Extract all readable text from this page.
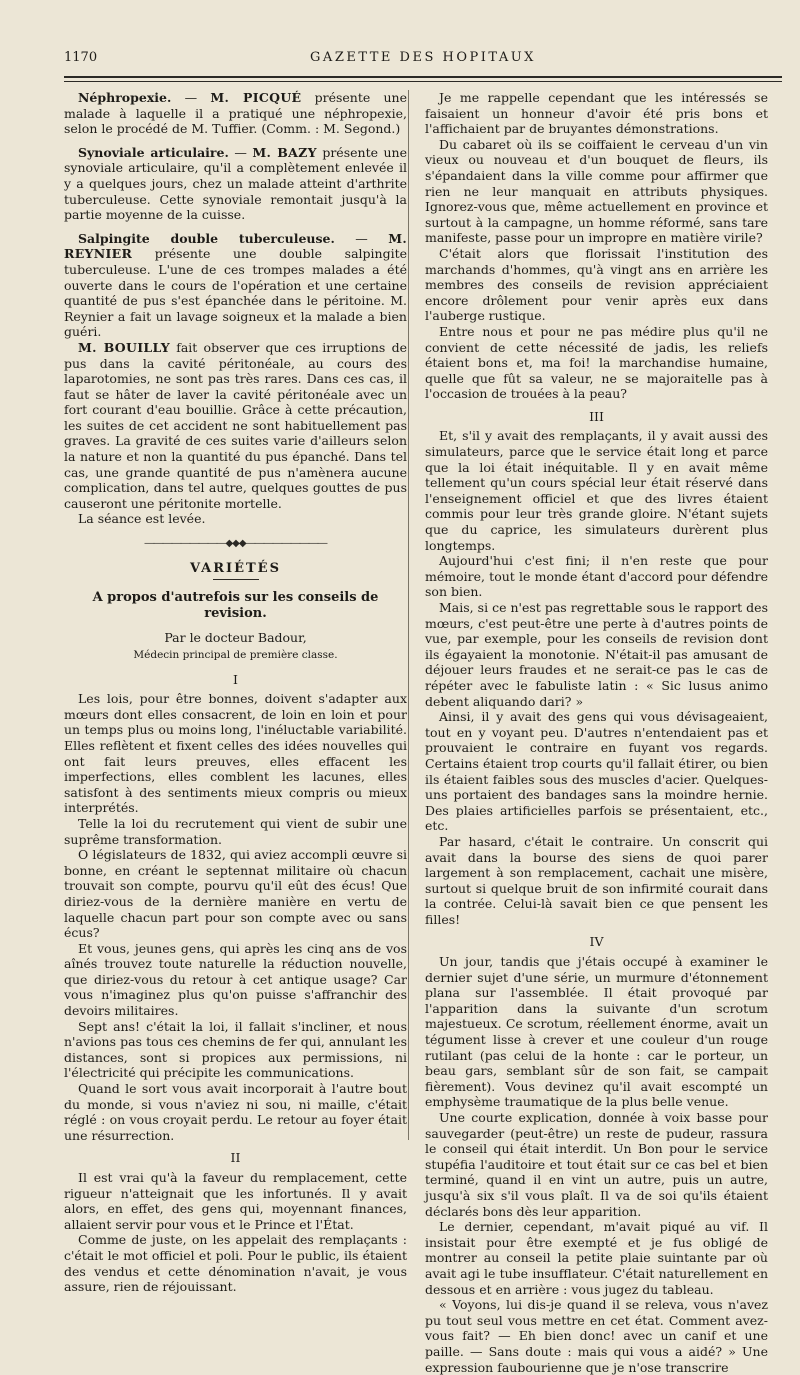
1170	GAZETTE DES HOPITAUX

Néphropexie. — M. PICQUÉ présente une malade à laquelle il a pratiqué une néphropexie, selon le procédé de M. Tuffier. (Comm. : M. Segond.)

Synoviale articulaire. — M. BAZY présente une synoviale articulaire, qu'il a complètement enlevée il y a quelques jours, chez un malade atteint d'arthrite tuberculeuse. Cette synoviale remontait jusqu'à la partie moyenne de la cuisse.

Salpingite double tuberculeuse. — M. REYNIER présente une double salpingite tuberculeuse. L'une de ces trompes malades a été ouverte dans le cours de l'opération et une certaine quantité de pus s'est épanchée dans le péritoine. M. Reynier a fait un lavage soigneux et la malade a bien guéri.

M. BOUILLY fait observer que ces irruptions de pus dans la cavité péritonéale, au cours des laparotomies, ne sont pas très rares. Dans ces cas, il faut se hâter de laver la cavité péritonéale avec un fort courant d'eau bouillie. Grâce à cette précaution, les suites de cet accident ne sont habituellement pas graves. La gravité de ces suites varie d'ailleurs selon la nature et non la quantité du pus épanché. Dans tel cas, une grande quantité de pus n'amènera aucune complication, dans tel autre, quelques gouttes de pus causeront une péritonite mortelle.

La séance est levée.

―――――――――◆◆◆―――――――――
VARIÉTÉS
A propos d'autrefois sur les conseils de revision.
Par le docteur Badour,
Médecin principal de première classe.
I

Les lois, pour être bonnes, doivent s'adapter aux mœurs dont elles consacrent, de loin en loin et pour un temps plus ou moins long, l'inéluctable variabilité. Elles reflètent et fixent celles des idées nouvelles qui ont fait leurs preuves, elles effacent les imperfections, elles comblent les lacunes, elles satisfont à des sentiments mieux compris ou mieux interprétés.

Telle la loi du recrutement qui vient de subir une suprême transformation.

O législateurs de 1832, qui aviez accompli œuvre si bonne, en créant le septennat militaire où chacun trouvait son compte, pourvu qu'il eût des écus! Que diriez-vous de la dernière manière en vertu de laquelle chacun part pour son compte avec ou sans écus?

Et vous, jeunes gens, qui après les cinq ans de vos aînés trouvez toute naturelle la réduction nouvelle, que diriez-vous du retour à cet antique usage? Car vous n'imaginez plus qu'on puisse s'affranchir des devoirs militaires.

Sept ans! c'était la loi, il fallait s'incliner, et nous n'avions pas tous ces chemins de fer qui, annulant les distances, sont si propices aux permissions, ni l'électricité qui précipite les communications.

Quand le sort vous avait incorporait à l'autre bout du monde, si vous n'aviez ni sou, ni maille, c'était réglé : on vous croyait perdu. Le retour au foyer était une résurrection.

II

Il est vrai qu'à la faveur du remplacement, cette rigueur n'atteignait que les infortunés. Il y avait alors, en effet, des gens qui, moyennant finances, allaient servir pour vous et le Prince et l'État.

Comme de juste, on les appelait des remplaçants : c'était le mot officiel et poli. Pour le public, ils étaient des vendus et cette dénomination n'avait, je vous assure, rien de réjouissant.

Je me rappelle cependant que les intéressés se faisaient un honneur d'avoir été pris bons et l'affichaient par de bruyantes démonstrations.

Du cabaret où ils se coiffaient le cerveau d'un vin vieux ou nouveau et d'un bouquet de fleurs, ils s'épandaient dans la ville comme pour affirmer que rien ne leur manquait en attributs physiques. Ignorez-vous que, même actuellement en province et surtout à la campagne, un homme réformé, sans tare manifeste, passe pour un impropre en matière virile?

C'était alors que florissait l'institution des marchands d'hommes, qu'à vingt ans en arrière les membres des conseils de revision appréciaient encore drôlement pour venir après eux dans l'auberge rustique.

Entre nous et pour ne pas médire plus qu'il ne convient de cette nécessité de jadis, les reliefs étaient bons et, ma foi! la marchandise humaine, quelle que fût sa valeur, ne se majoraitelle pas à l'occasion de trouées à la peau?

III

Et, s'il y avait des remplaçants, il y avait aussi des simulateurs, parce que le service était long et parce que la loi était inéquitable. Il y en avait même tellement qu'un cours spécial leur était réservé dans l'enseignement officiel et que des livres étaient commis pour leur très grande gloire. N'étant sujets que du caprice, les simulateurs durèrent plus longtemps.

Aujourd'hui c'est fini; il n'en reste que pour mémoire, tout le monde étant d'accord pour défendre son bien.

Mais, si ce n'est pas regrettable sous le rapport des mœurs, c'est peut-être une perte à d'autres points de vue, par exemple, pour les conseils de revision dont ils égayaient la monotonie. N'était-il pas amusant de déjouer leurs fraudes et ne serait-ce pas le cas de répéter avec le fabuliste latin : « Sic lusus animo debent aliquando dari? »

Ainsi, il y avait des gens qui vous dévisageaient, tout en y voyant peu. D'autres n'entendaient pas et prouvaient le contraire en fuyant vos regards. Certains étaient trop courts qu'il fallait étirer, ou bien ils étaient faibles sous des muscles d'acier. Quelques-uns portaient des bandages sans la moindre hernie. Des plaies artificielles parfois se présentaient, etc., etc.

Par hasard, c'était le contraire. Un conscrit qui avait dans la bourse des siens de quoi parer largement à son remplacement, cachait une misère, surtout si quelque bruit de son infirmité courait dans la contrée. Celui-là savait bien ce que pensent les filles!

IV

Un jour, tandis que j'étais occupé à examiner le dernier sujet d'une série, un murmure d'étonnement plana sur l'assemblée. Il était provoqué par l'apparition dans la suivante d'un scrotum majestueux. Ce scrotum, réellement énorme, avait un tégument lisse à crever et une couleur d'un rouge rutilant (pas celui de la honte : car le porteur, un beau gars, semblant sûr de son fait, se campait fièrement). Vous devinez qu'il avait escompté un emphysème traumatique de la plus belle venue.

Une courte explication, donnée à voix basse pour sauvegarder (peut-être) un reste de pudeur, rassura le conseil qui était interdit. Un Bon pour le service stupéfia l'auditoire et tout était sur ce cas bel et bien terminé, quand il en vint un autre, puis un autre, jusqu'à six s'il vous plaît. Il va de soi qu'ils étaient déclarés bons dès leur apparition.

Le dernier, cependant, m'avait piqué au vif. Il insistait pour être exempté et je fus obligé de montrer au conseil la petite plaie suintante par où avait agi le tube insufflateur. C'était naturellement en dessous et en arrière : vous jugez du tableau.

« Voyons, lui dis-je quand il se releva, vous n'avez pu tout seul vous mettre en cet état. Comment avez-vous fait? — Eh bien donc! avec un canif et une paille. — Sans doute : mais qui vous a aidé? » Une expression faubourienne que je n'ose transcrire
